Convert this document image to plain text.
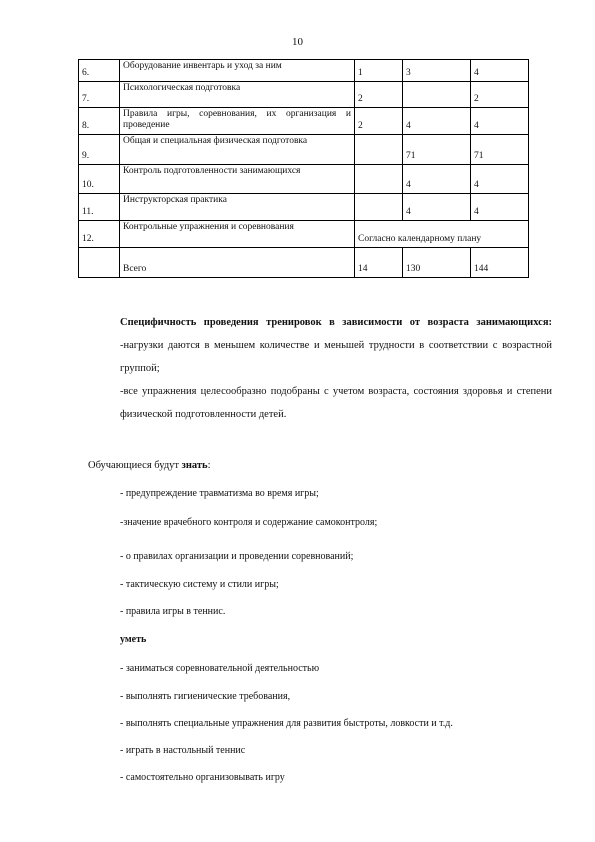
10
6.	Оборудование инвентарь и уход за ним	1	3	4
7.	Психологическая подготовка	2		2
8.	Правила игры, соревнования, их организация и проведение	2	4	4
9.	Общая и специальная физическая подготовка		71	71
10.	Контроль подготовленности занимающихся		4	4
11.	Инструкторская практика		4	4
12.	Контрольные упражнения и соревнования	Согласно календарному плану		
	Всего	14	130	144

Специфичность проведения тренировок в зависимости от возраста занимающихся:

-нагрузки даются в меньшем количестве и меньшей трудности в соответствии с возрастной группой;

-все упражнения целесообразно подобраны с учетом возраста, состояния здоровья и степени физической подготовленности детей.

Обучающиеся будут знать:
- предупреждение травматизма во время игры;
-значение врачебного контроля и содержание самоконтроля;
- о правилах организации и проведении соревнований;
- тактическую систему и стили игры;
- правила игры в теннис.
уметь
- заниматься соревновательной деятельностью
- выполнять гигиенические требования,
- выполнять специальные упражнения для развития быстроты, ловкости и т.д.
- играть в настольный теннис
- самостоятельно организовывать игру
